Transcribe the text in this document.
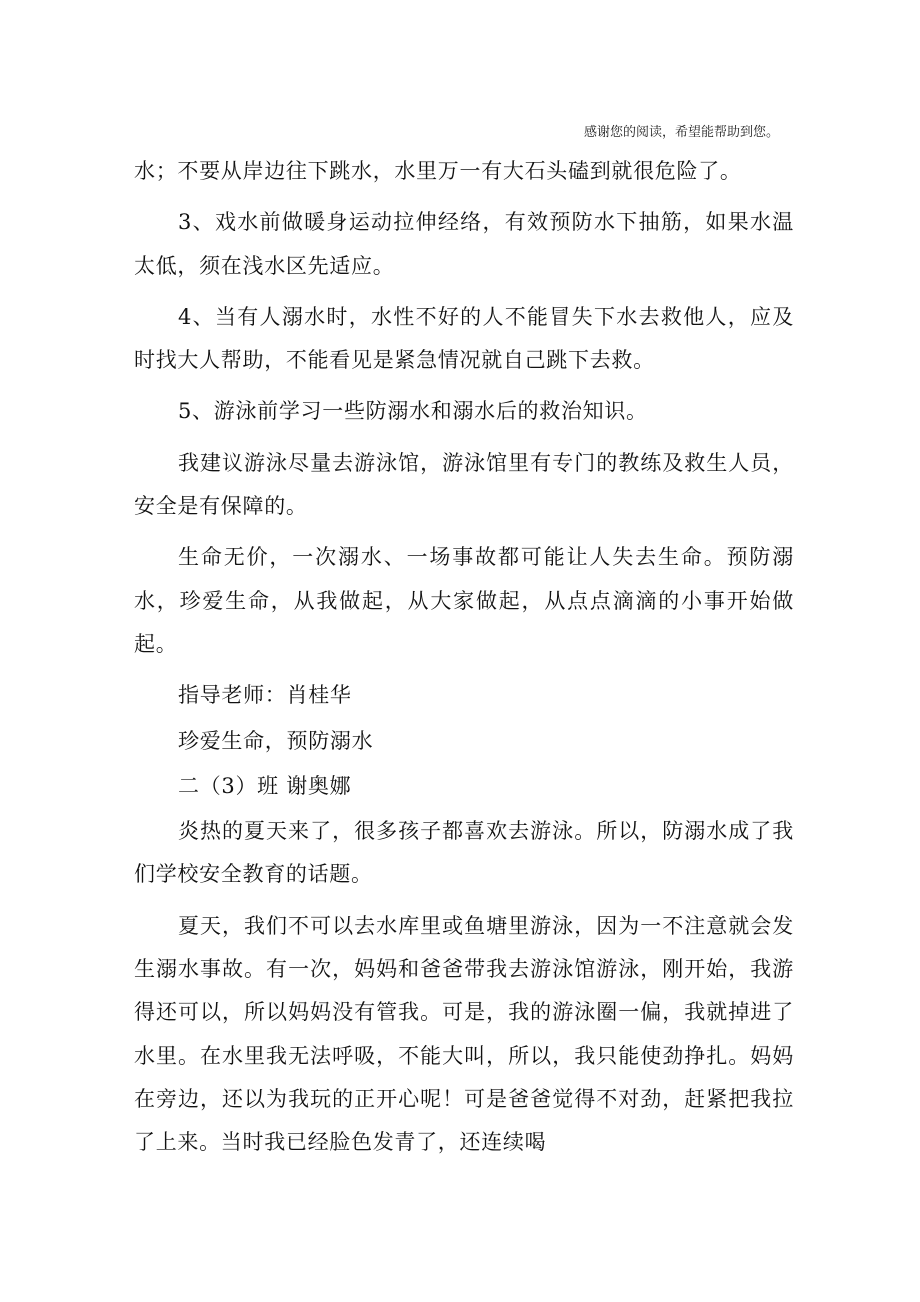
感谢您的阅读，希望能帮助到您。

水；不要从岸边往下跳水，水里万一有大石头磕到就很危险了。

3、戏水前做暖身运动拉伸经络，有效预防水下抽筋，如果水温太低，须在浅水区先适应。

4、当有人溺水时，水性不好的人不能冒失下水去救他人，应及时找大人帮助，不能看见是紧急情况就自己跳下去救。

5、游泳前学习一些防溺水和溺水后的救治知识。

我建议游泳尽量去游泳馆，游泳馆里有专门的教练及救生人员，安全是有保障的。

生命无价，一次溺水、一场事故都可能让人失去生命。预防溺水，珍爱生命，从我做起，从大家做起，从点点滴滴的小事开始做起。

指导老师：肖桂华

珍爱生命，预防溺水

二（3）班 谢奥娜

炎热的夏天来了，很多孩子都喜欢去游泳。所以，防溺水成了我们学校安全教育的话题。

夏天，我们不可以去水库里或鱼塘里游泳，因为一不注意就会发生溺水事故。有一次，妈妈和爸爸带我去游泳馆游泳，刚开始，我游得还可以，所以妈妈没有管我。可是，我的游泳圈一偏，我就掉进了水里。在水里我无法呼吸，不能大叫，所以，我只能使劲挣扎。妈妈在旁边，还以为我玩的正开心呢！可是爸爸觉得不对劲，赶紧把我拉了上来。当时我已经脸色发青了，还连续喝
